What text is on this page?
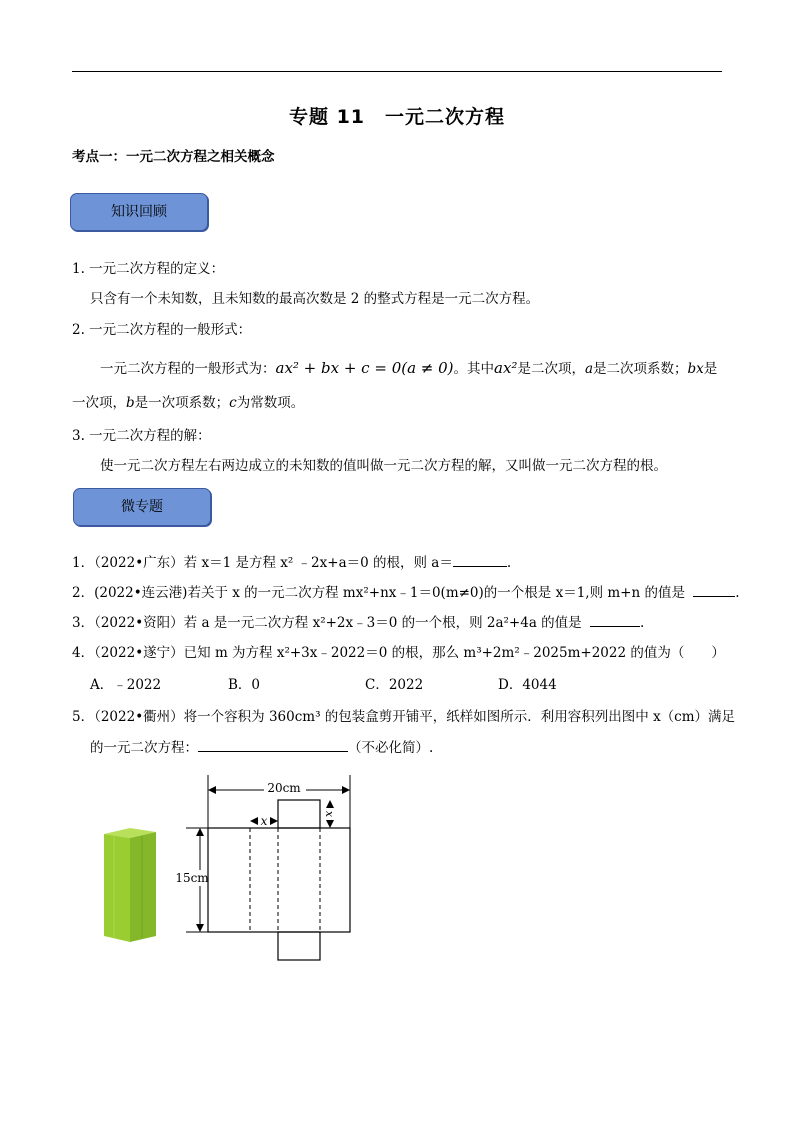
专题 11　一元二次方程
考点一：一元二次方程之相关概念
知识回顾
1. 一元二次方程的定义：
只含有一个未知数，且未知数的最高次数是 2 的整式方程是一元二次方程。
2. 一元二次方程的一般形式：
一元二次方程的一般形式为：ax² + bx + c = 0(a ≠ 0)。其中ax²是二次项，a是二次项系数；bx是
一次项，b是一次项系数；c为常数项。
3. 一元二次方程的解：
使一元二次方程左右两边成立的未知数的值叫做一元二次方程的解，又叫做一元二次方程的根。
微专题
1．（2022•广东）若 x＝1 是方程 x² ﹣2x+a＝0 的根，则 a＝	.
2．(2022•连云港)若关于 x 的一元二次方程 mx²+nx﹣1＝0(m≠0)的一个根是 x＝1,则 m+n 的值是	.
3．（2022•资阳）若 a 是一元二次方程 x²+2x﹣3＝0 的一个根，则 2a²+4a 的值是	.
4．（2022•遂宁）已知 m 为方程 x²+3x﹣2022＝0 的根，那么 m³+2m²﹣2025m+2022 的值为（　　）
A．﹣2022	B．0	C．2022	D．4044
5．（2022•衢州）将一个容积为 360cm³ 的包装盒剪开铺平，纸样如图所示．利用容积列出图中 x（cm）满足
的一元二次方程：	（不必化简）.
20cm
15cm
x	x
